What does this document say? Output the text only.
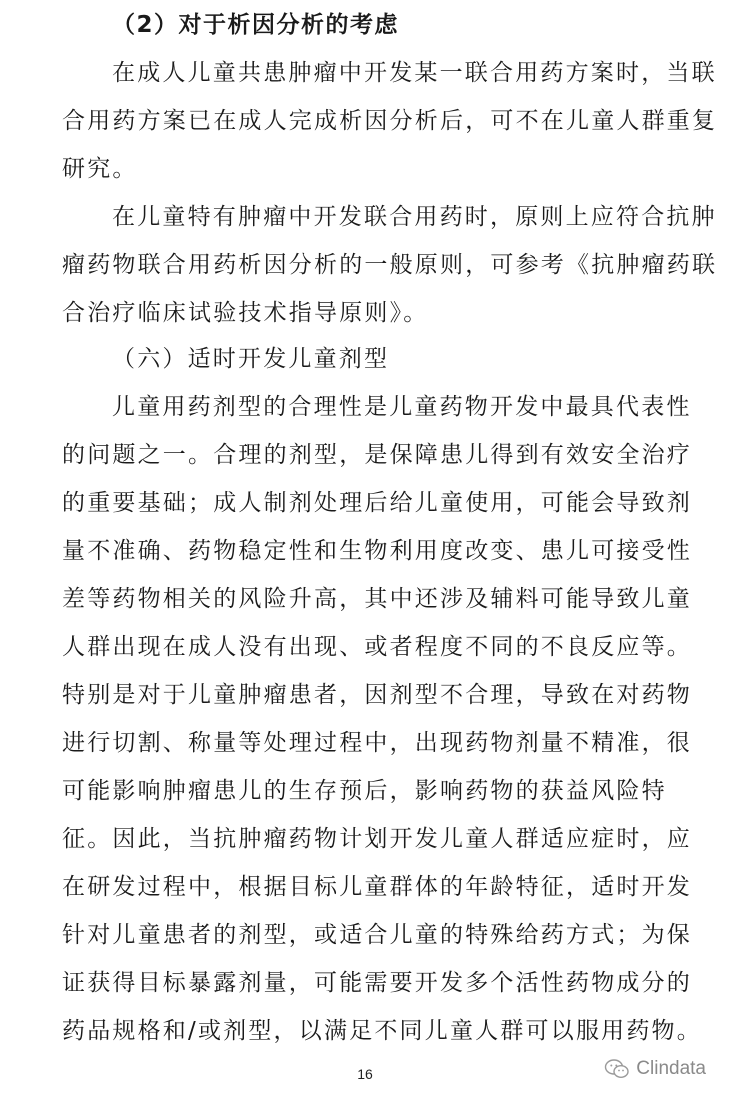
（2）对于析因分析的考虑
在成人儿童共患肿瘤中开发某一联合用药方案时，当联
合用药方案已在成人完成析因分析后，可不在儿童人群重复
研究。
在儿童特有肿瘤中开发联合用药时，原则上应符合抗肿
瘤药物联合用药析因分析的一般原则，可参考《抗肿瘤药联
合治疗临床试验技术指导原则》。
（六）适时开发儿童剂型
儿童用药剂型的合理性是儿童药物开发中最具代表性
的问题之一。合理的剂型，是保障患儿得到有效安全治疗
的重要基础；成人制剂处理后给儿童使用，可能会导致剂
量不准确、药物稳定性和生物利用度改变、患儿可接受性
差等药物相关的风险升高，其中还涉及辅料可能导致儿童
人群出现在成人没有出现、或者程度不同的不良反应等。
特别是对于儿童肿瘤患者，因剂型不合理，导致在对药物
进行切割、称量等处理过程中，出现药物剂量不精准，很
可能影响肿瘤患儿的生存预后，影响药物的获益风险特
征。因此，当抗肿瘤药物计划开发儿童人群适应症时，应
在研发过程中，根据目标儿童群体的年龄特征，适时开发
针对儿童患者的剂型，或适合儿童的特殊给药方式；为保
证获得目标暴露剂量，可能需要开发多个活性药物成分的
药品规格和/或剂型，以满足不同儿童人群可以服用药物。
16	Clindata
